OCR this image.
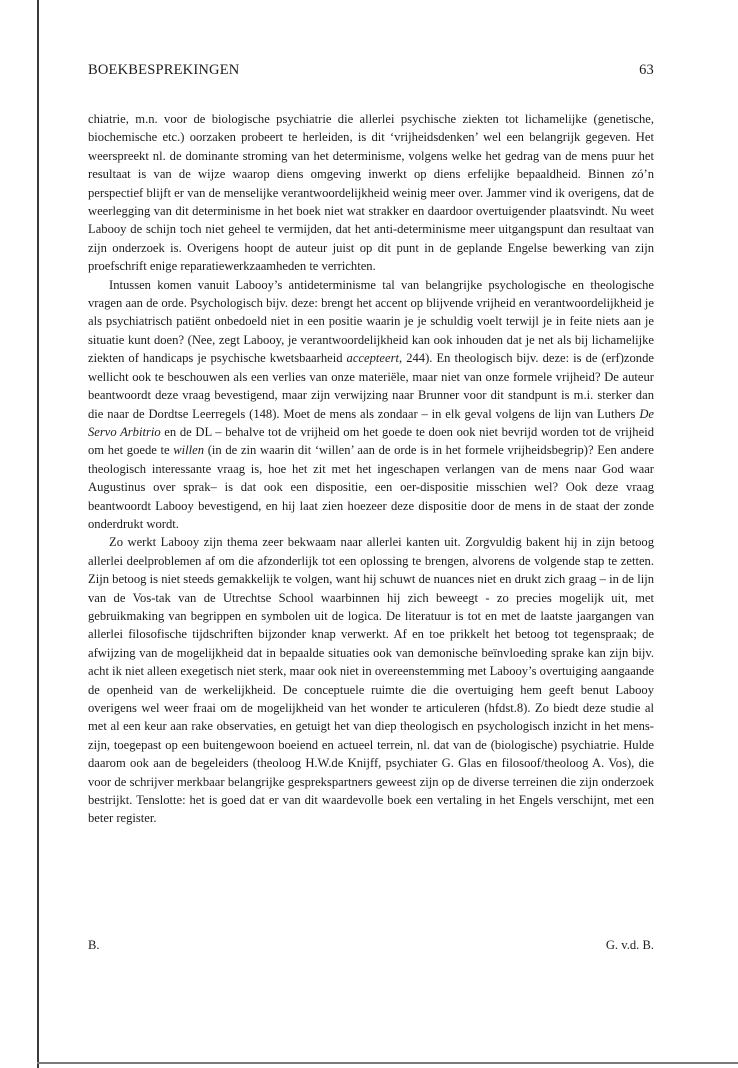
BOEKBESPREKINGEN	63

chiatrie, m.n. voor de biologische psychiatrie die allerlei psychische ziekten tot lichamelijke (genetische, biochemische etc.) oorzaken probeert te herleiden, is dit ‘vrijheidsdenken’ wel een belangrijk gegeven. Het weerspreekt nl. de dominante stroming van het determinisme, volgens welke het gedrag van de mens puur het resultaat is van de wijze waarop diens omgeving inwerkt op diens erfelijke bepaaldheid. Binnen zó’n perspectief blijft er van de menselijke verantwoordelijkheid weinig meer over. Jammer vind ik overigens, dat de weerlegging van dit determinisme in het boek niet wat strakker en daardoor overtuigender plaatsvindt. Nu weet Labooy de schijn toch niet geheel te vermijden, dat het anti-determinisme meer uitgangspunt dan resultaat van zijn onderzoek is. Overigens hoopt de auteur juist op dit punt in de geplande Engelse bewerking van zijn proefschrift enige reparatiewerkzaamheden te verrichten.

Intussen komen vanuit Labooy’s antideterminisme tal van belangrijke psychologische en theologische vragen aan de orde. Psychologisch bijv. deze: brengt het accent op blijvende vrijheid en verantwoordelijkheid je als psychiatrisch patiënt onbedoeld niet in een positie waarin je je schuldig voelt terwijl je in feite niets aan je situatie kunt doen? (Nee, zegt Labooy, je verantwoordelijkheid kan ook inhouden dat je net als bij lichamelijke ziekten of handicaps je psychische kwetsbaarheid accepteert, 244). En theologisch bijv. deze: is de (erf)zonde wellicht ook te beschouwen als een verlies van onze materiële, maar niet van onze formele vrijheid? De auteur beantwoordt deze vraag bevestigend, maar zijn verwijzing naar Brunner voor dit standpunt is m.i. sterker dan die naar de Dordtse Leerregels (148). Moet de mens als zondaar – in elk geval volgens de lijn van Luthers De Servo Arbitrio en de DL – behalve tot de vrijheid om het goede te doen ook niet bevrijd worden tot de vrijheid om het goede te willen (in de zin waarin dit ‘willen’ aan de orde is in het formele vrijheidsbegrip)? Een andere theologisch interessante vraag is, hoe het zit met het ingeschapen verlangen van de mens naar God waar Augustinus over sprak– is dat ook een dispositie, een oer-dispositie misschien wel? Ook deze vraag beantwoordt Labooy bevestigend, en hij laat zien hoezeer deze dispositie door de mens in de staat der zonde onderdrukt wordt.

Zo werkt Labooy zijn thema zeer bekwaam naar allerlei kanten uit. Zorgvuldig bakent hij in zijn betoog allerlei deelproblemen af om die afzonderlijk tot een oplossing te brengen, alvorens de volgende stap te zetten. Zijn betoog is niet steeds gemakkelijk te volgen, want hij schuwt de nuances niet en drukt zich graag – in de lijn van de Vos-tak van de Utrechtse School waarbinnen hij zich beweegt - zo precies mogelijk uit, met gebruikmaking van begrippen en symbolen uit de logica. De literatuur is tot en met de laatste jaargangen van allerlei filosofische tijdschriften bijzonder knap verwerkt. Af en toe prikkelt het betoog tot tegenspraak; de afwijzing van de mogelijkheid dat in bepaalde situaties ook van demonische beïnvloeding sprake kan zijn bijv. acht ik niet alleen exegetisch niet sterk, maar ook niet in overeenstemming met Labooy’s overtuiging aangaande de openheid van de werkelijkheid. De conceptuele ruimte die die overtuiging hem geeft benut Labooy overigens wel weer fraai om de mogelijkheid van het wonder te articuleren (hfdst.8). Zo biedt deze studie al met al een keur aan rake observaties, en getuigt het van diep theologisch en psychologisch inzicht in het mens-zijn, toegepast op een buitengewoon boeiend en actueel terrein, nl. dat van de (biologische) psychiatrie. Hulde daarom ook aan de begeleiders (theoloog H.W.de Knijff, psychiater G. Glas en filosoof/theoloog A. Vos), die voor de schrijver merkbaar belangrijke gesprekspartners geweest zijn op de diverse terreinen die zijn onderzoek bestrijkt. Tenslotte: het is goed dat er van dit waardevolle boek een vertaling in het Engels verschijnt, met een beter register.

B.	G. v.d. B.
